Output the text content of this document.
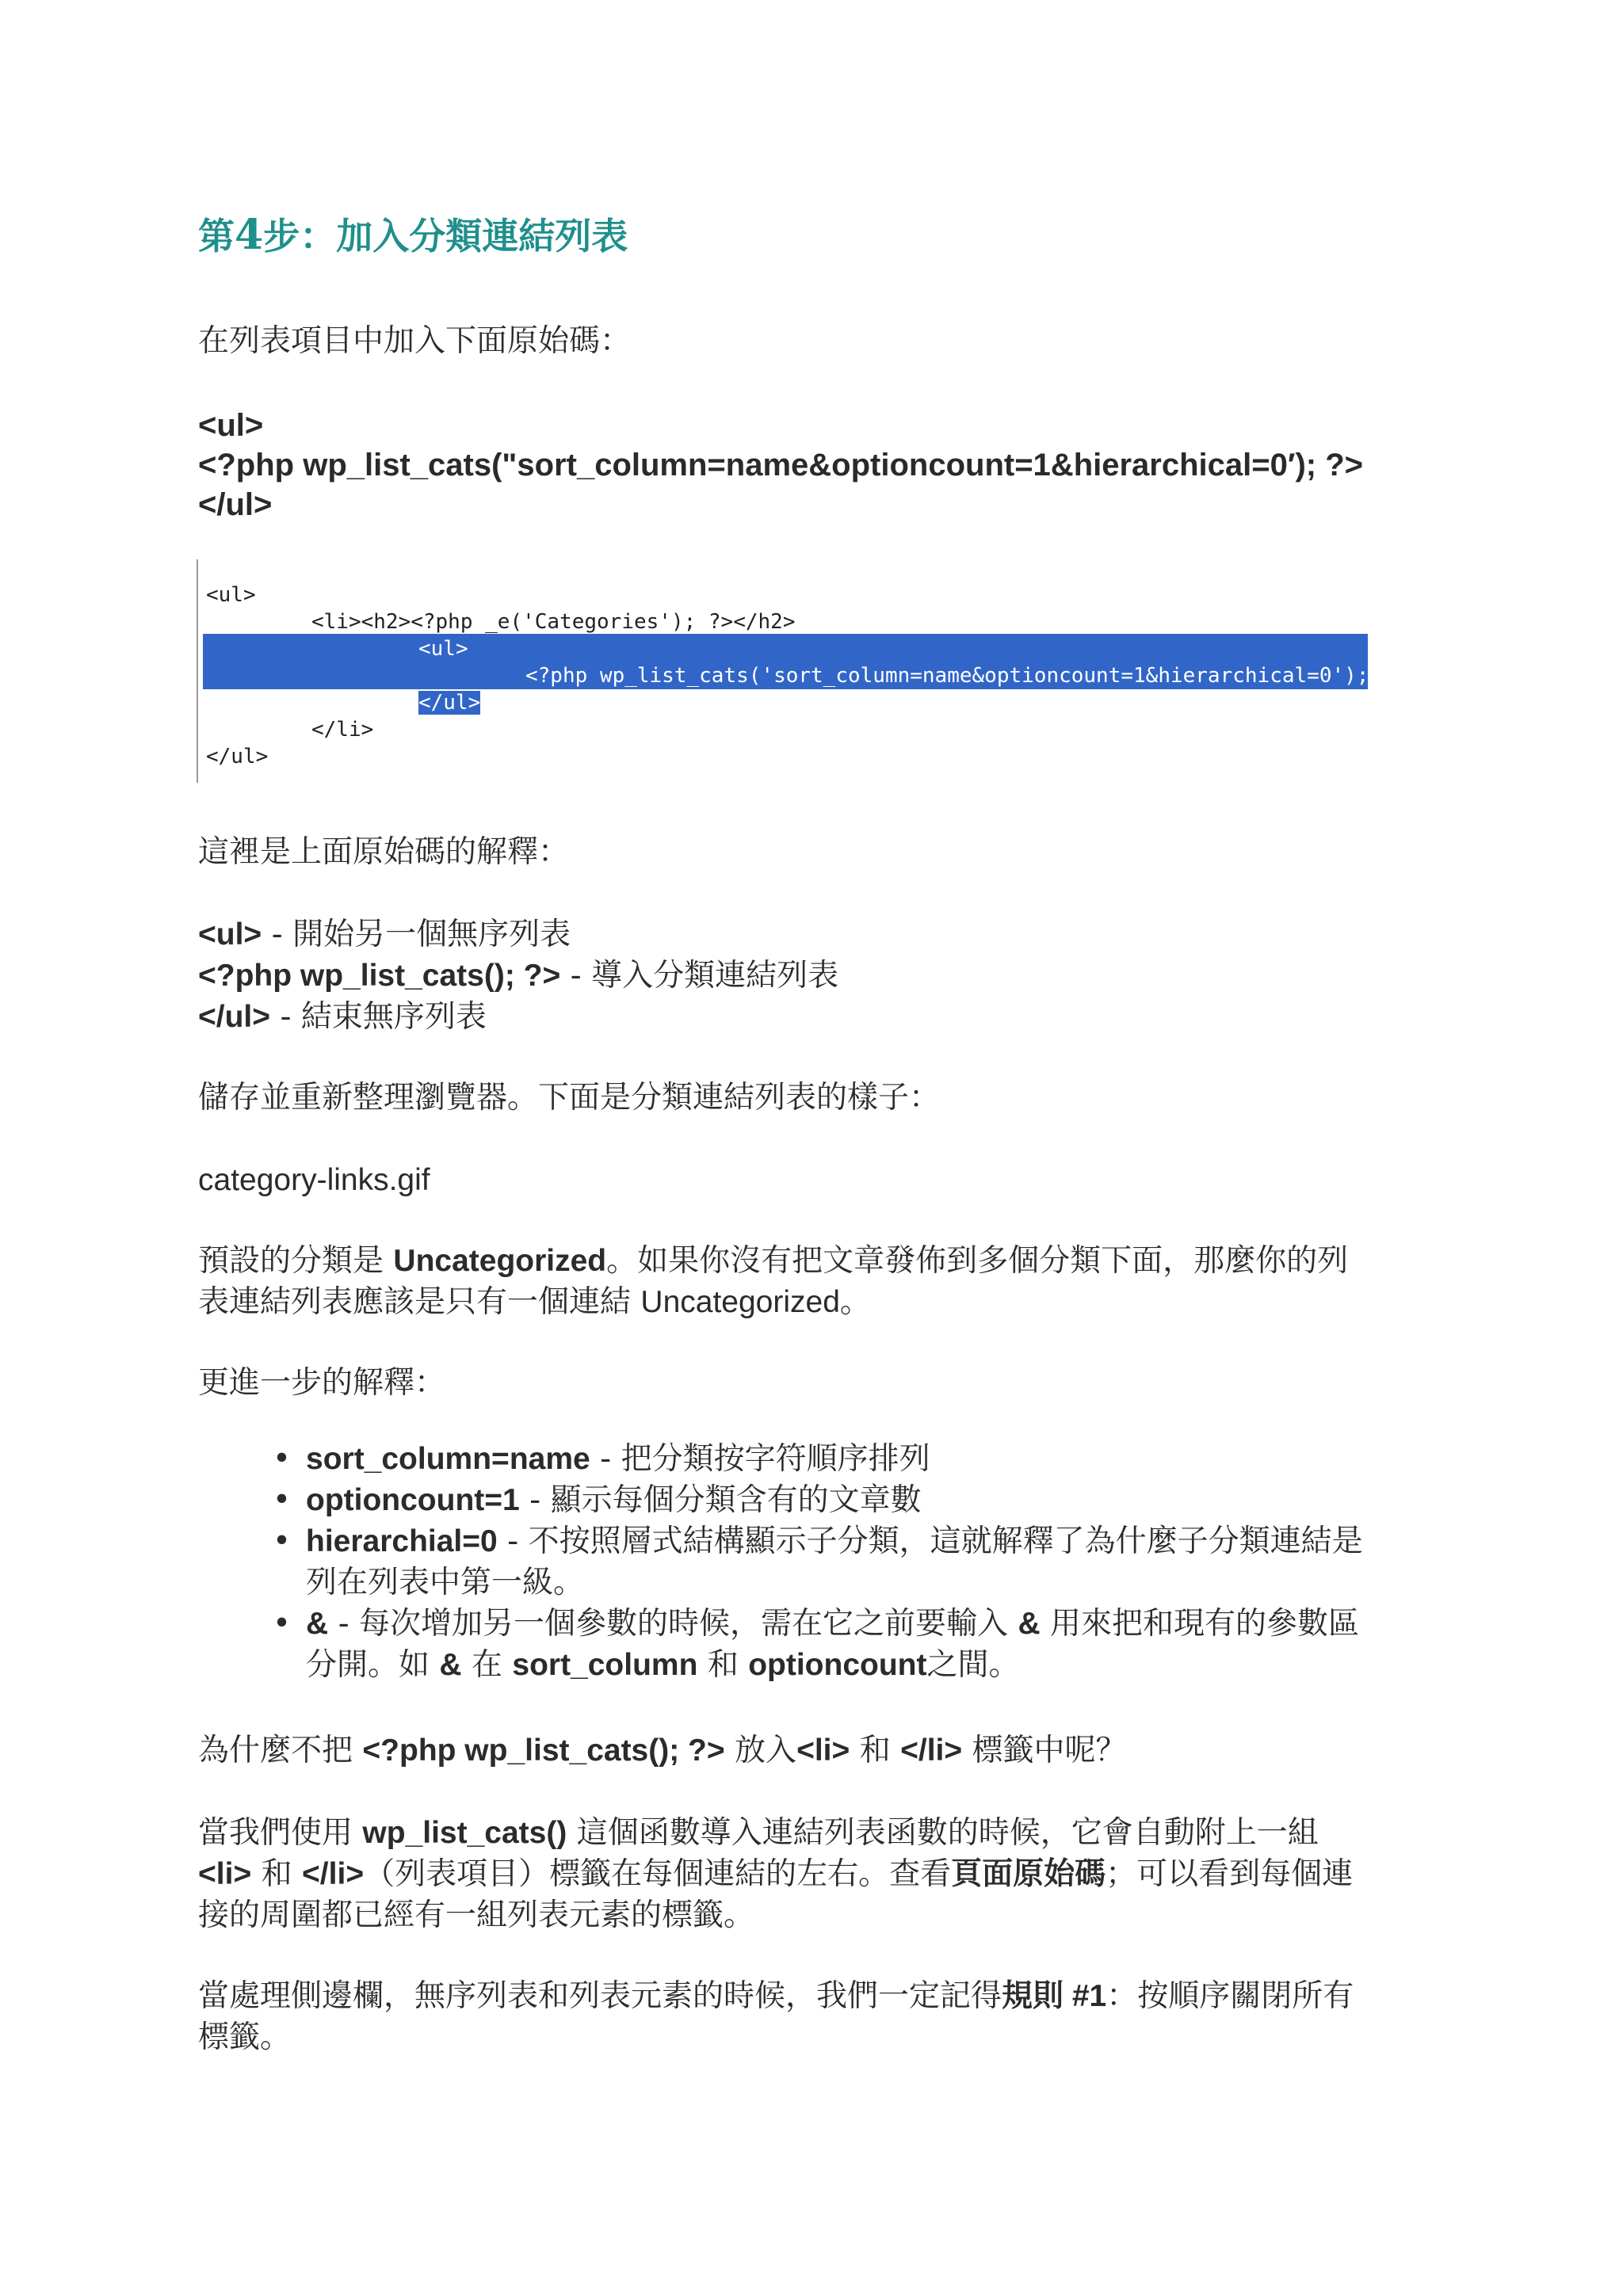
第4步：加入分類連結列表
在列表項目中加入下面原始碼：
<ul>
<?php wp_list_cats("sort_column=name&optioncount=1&hierarchical=0′); ?>
</ul>
<ul>
<li><h2><?php _e('Categories'); ?></h2>
<ul>
<?php wp_list_cats('sort_column=name&optioncount=1&hierarchical=0'); ?>
</ul>
</li>
</ul>
這裡是上面原始碼的解釋：
<ul> - 開始另一個無序列表
<?php wp_list_cats(); ?> - 導入分類連結列表
</ul> - 結束無序列表
儲存並重新整理瀏覽器。下面是分類連結列表的樣子：
category-links.gif
預設的分類是 Uncategorized。如果你沒有把文章發佈到多個分類下面，那麼你的列
表連結列表應該是只有一個連結 Uncategorized。
更進一步的解釋：
• sort_column=name - 把分類按字符順序排列
• optioncount=1 - 顯示每個分類含有的文章數
• hierarchial=0 - 不按照層式結構顯示子分類，這就解釋了為什麼子分類連結是
列在列表中第一級。
• & - 每次增加另一個參數的時候，需在它之前要輸入 & 用來把和現有的參數區
分開。如 & 在 sort_column 和 optioncount之間。
為什麼不把 <?php wp_list_cats(); ?> 放入<li> 和 </li> 標籤中呢？
當我們使用 wp_list_cats() 這個函數導入連結列表函數的時候，它會自動附上一組
<li> 和 </li>（列表項目）標籤在每個連結的左右。查看頁面原始碼；可以看到每個連
接的周圍都已經有一組列表元素的標籤。
當處理側邊欄，無序列表和列表元素的時候，我們一定記得規則 #1：按順序關閉所有
標籤。
